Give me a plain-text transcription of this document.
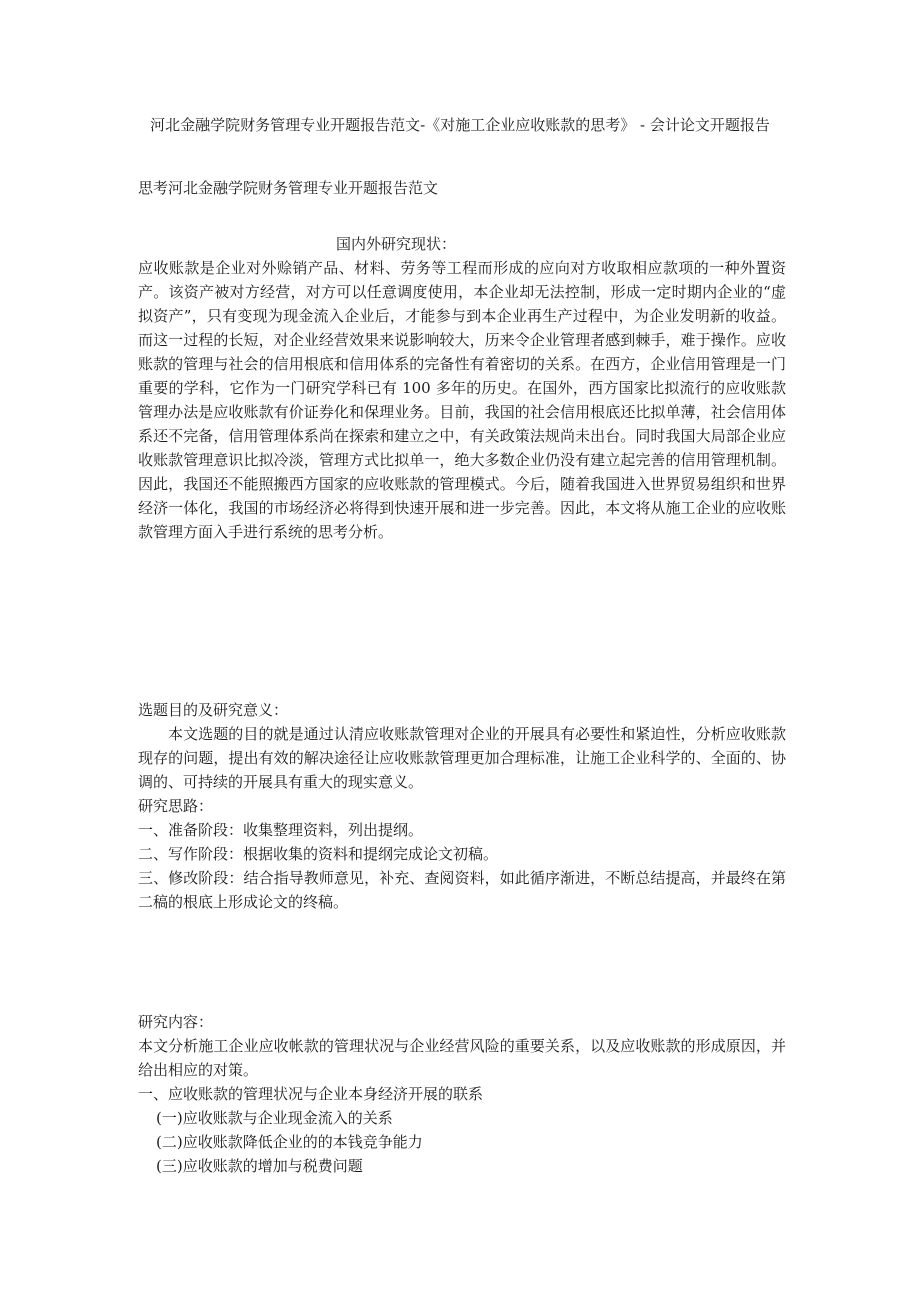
河北金融学院财务管理专业开题报告范文-《对施工企业应收账款的思考》 - 会计论文开题报告

思考河北金融学院财务管理专业开题报告范文

国内外研究现状：

应收账款是企业对外赊销产品、材料、劳务等工程而形成的应向对方收取相应款项的一种外置资产。该资产被对方经营，对方可以任意调度使用，本企业却无法控制，形成一定时期内企业的“虚拟资产”，只有变现为现金流入企业后，才能参与到本企业再生产过程中，为企业发明新的收益。而这一过程的长短，对企业经营效果来说影响较大，历来令企业管理者感到棘手，难于操作。应收账款的管理与社会的信用根底和信用体系的完备性有着密切的关系。在西方，企业信用管理是一门重要的学科，它作为一门研究学科已有 100 多年的历史。在国外，西方国家比拟流行的应收账款管理办法是应收账款有价证券化和保理业务。目前，我国的社会信用根底还比拟单薄，社会信用体系还不完备，信用管理体系尚在探索和建立之中，有关政策法规尚未出台。同时我国大局部企业应收账款管理意识比拟冷淡，管理方式比拟单一，绝大多数企业仍没有建立起完善的信用管理机制。因此，我国还不能照搬西方国家的应收账款的管理模式。今后，随着我国进入世界贸易组织和世界经济一体化，我国的市场经济必将得到快速开展和进一步完善。因此，本文将从施工企业的应收账款管理方面入手进行系统的思考分析。

选题目的及研究意义：

本文选题的目的就是通过认清应收账款管理对企业的开展具有必要性和紧迫性，分析应收账款现存的问题，提出有效的解决途径让应收账款管理更加合理标准，让施工企业科学的、全面的、协调的、可持续的开展具有重大的现实意义。

研究思路：

一、准备阶段：收集整理资料，列出提纲。

二、写作阶段：根据收集的资料和提纲完成论文初稿。

三、修改阶段：结合指导教师意见，补充、查阅资料，如此循序渐进，不断总结提高，并最终在第二稿的根底上形成论文的终稿。

研究内容：

本文分析施工企业应收帐款的管理状况与企业经营风险的重要关系，以及应收账款的形成原因，并给出相应的对策。

一、应收账款的管理状况与企业本身经济开展的联系

(一)应收账款与企业现金流入的关系

(二)应收账款降低企业的的本钱竞争能力

(三)应收账款的增加与税费问题
